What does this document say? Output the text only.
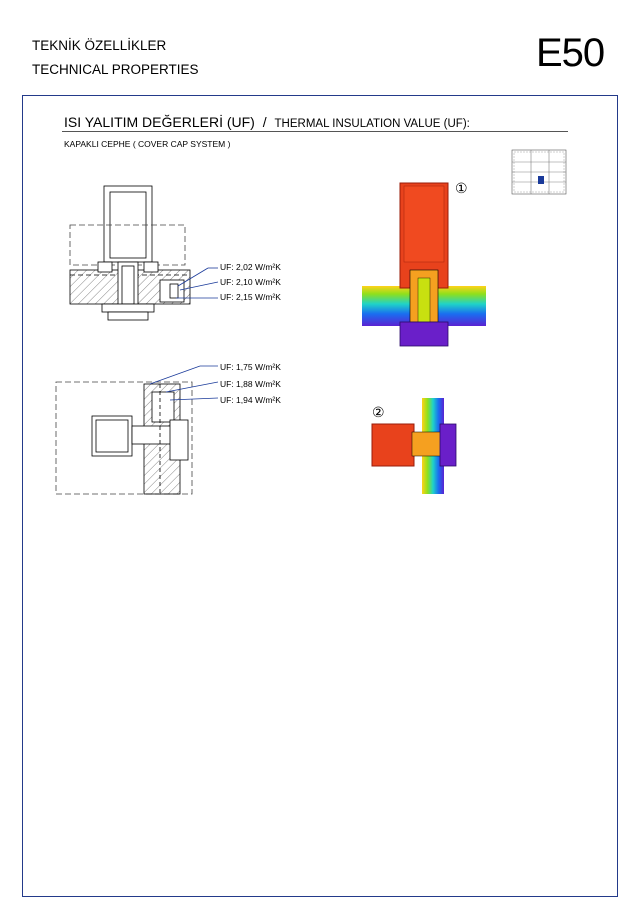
TEKNİK ÖZELLİKLER
TECHNICAL PROPERTIES	E50
ISI YALITIM DEĞERLERİ (UF) / THERMAL INSULATION VALUE (UF):
KAPAKLI CEPHE ( COVER CAP SYSTEM )
UF: 2,02 W/m²K
UF: 2,10 W/m²K
UF: 2,15 W/m²K
UF: 1,75 W/m²K
UF: 1,88 W/m²K
UF: 1,94 W/m²K
①
②
